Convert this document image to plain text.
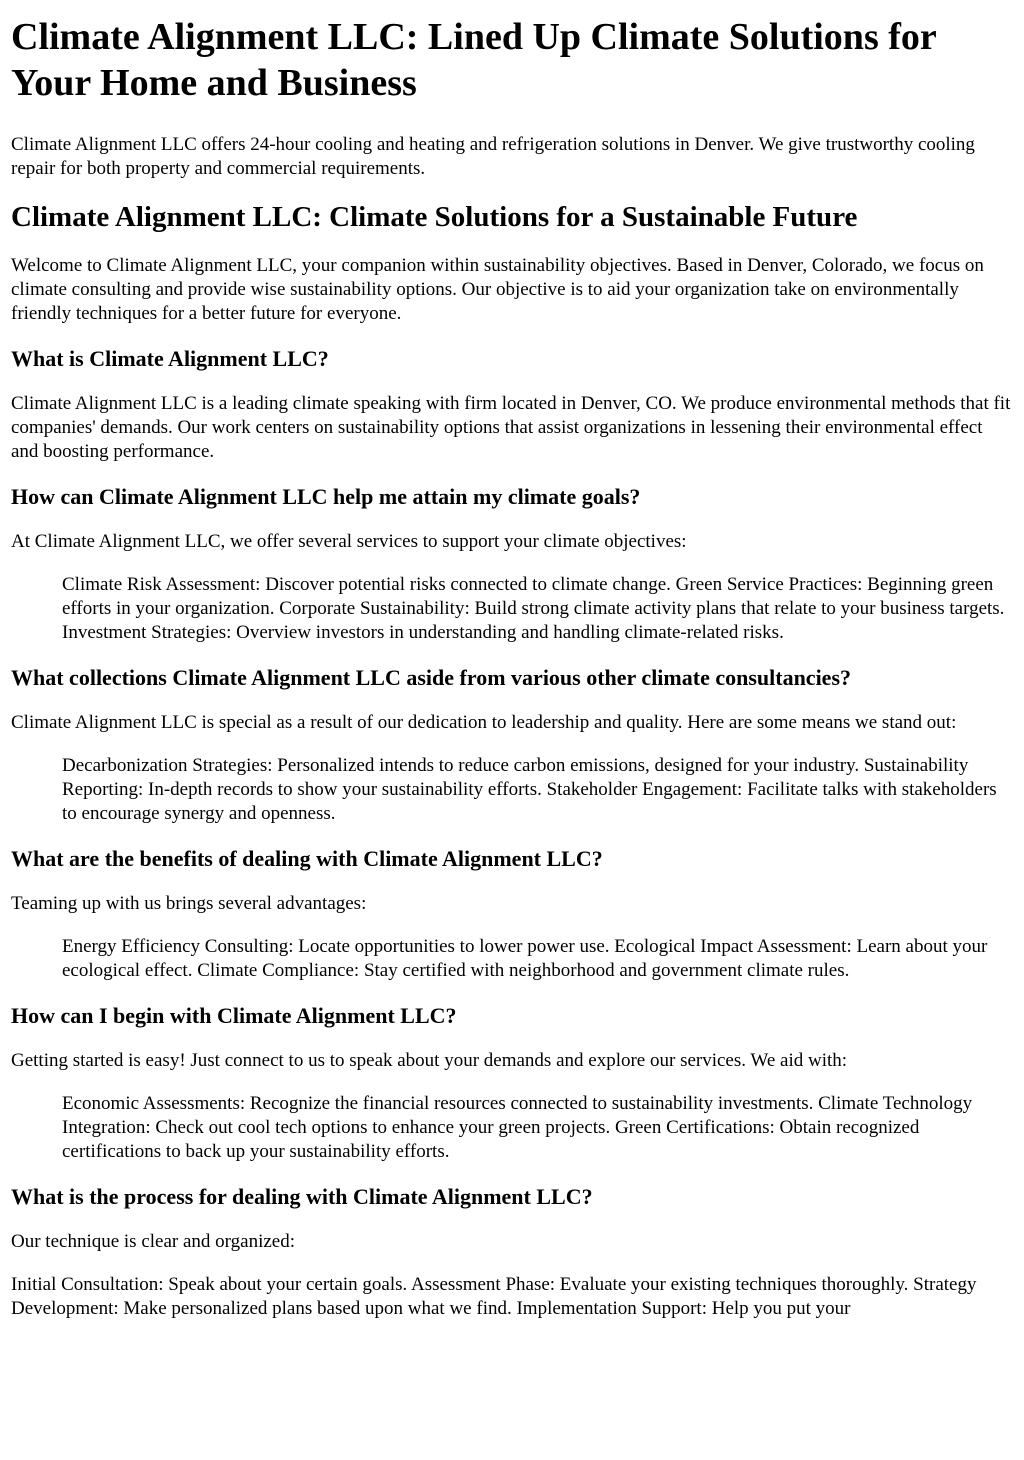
Climate Alignment LLC: Lined Up Climate Solutions for Your Home and Business

Climate Alignment LLC offers 24-hour cooling and heating and refrigeration solutions in Denver. We give trustworthy cooling repair for both property and commercial requirements.

Climate Alignment LLC: Climate Solutions for a Sustainable Future

Welcome to Climate Alignment LLC, your companion within sustainability objectives. Based in Denver, Colorado, we focus on climate consulting and provide wise sustainability options. Our objective is to aid your organization take on environmentally friendly techniques for a better future for everyone.

What is Climate Alignment LLC?

Climate Alignment LLC is a leading climate speaking with firm located in Denver, CO. We produce environmental methods that fit companies' demands. Our work centers on sustainability options that assist organizations in lessening their environmental effect and boosting performance.

How can Climate Alignment LLC help me attain my climate goals?

At Climate Alignment LLC, we offer several services to support your climate objectives:

Climate Risk Assessment: Discover potential risks connected to climate change. Green Service Practices: Beginning green efforts in your organization. Corporate Sustainability: Build strong climate activity plans that relate to your business targets. Investment Strategies: Overview investors in understanding and handling climate-related risks.
What collections Climate Alignment LLC aside from various other climate consultancies?

Climate Alignment LLC is special as a result of our dedication to leadership and quality. Here are some means we stand out:

Decarbonization Strategies: Personalized intends to reduce carbon emissions, designed for your industry. Sustainability Reporting: In-depth records to show your sustainability efforts. Stakeholder Engagement: Facilitate talks with stakeholders to encourage synergy and openness.
What are the benefits of dealing with Climate Alignment LLC?

Teaming up with us brings several advantages:

Energy Efficiency Consulting: Locate opportunities to lower power use. Ecological Impact Assessment: Learn about your ecological effect. Climate Compliance: Stay certified with neighborhood and government climate rules.
How can I begin with Climate Alignment LLC?

Getting started is easy! Just connect to us to speak about your demands and explore our services. We aid with:

Economic Assessments: Recognize the financial resources connected to sustainability investments. Climate Technology Integration: Check out cool tech options to enhance your green projects. Green Certifications: Obtain recognized certifications to back up your sustainability efforts.
What is the process for dealing with Climate Alignment LLC?

Our technique is clear and organized:

Initial Consultation: Speak about your certain goals. Assessment Phase: Evaluate your existing techniques thoroughly. Strategy Development: Make personalized plans based upon what we find. Implementation Support: Help you put your
